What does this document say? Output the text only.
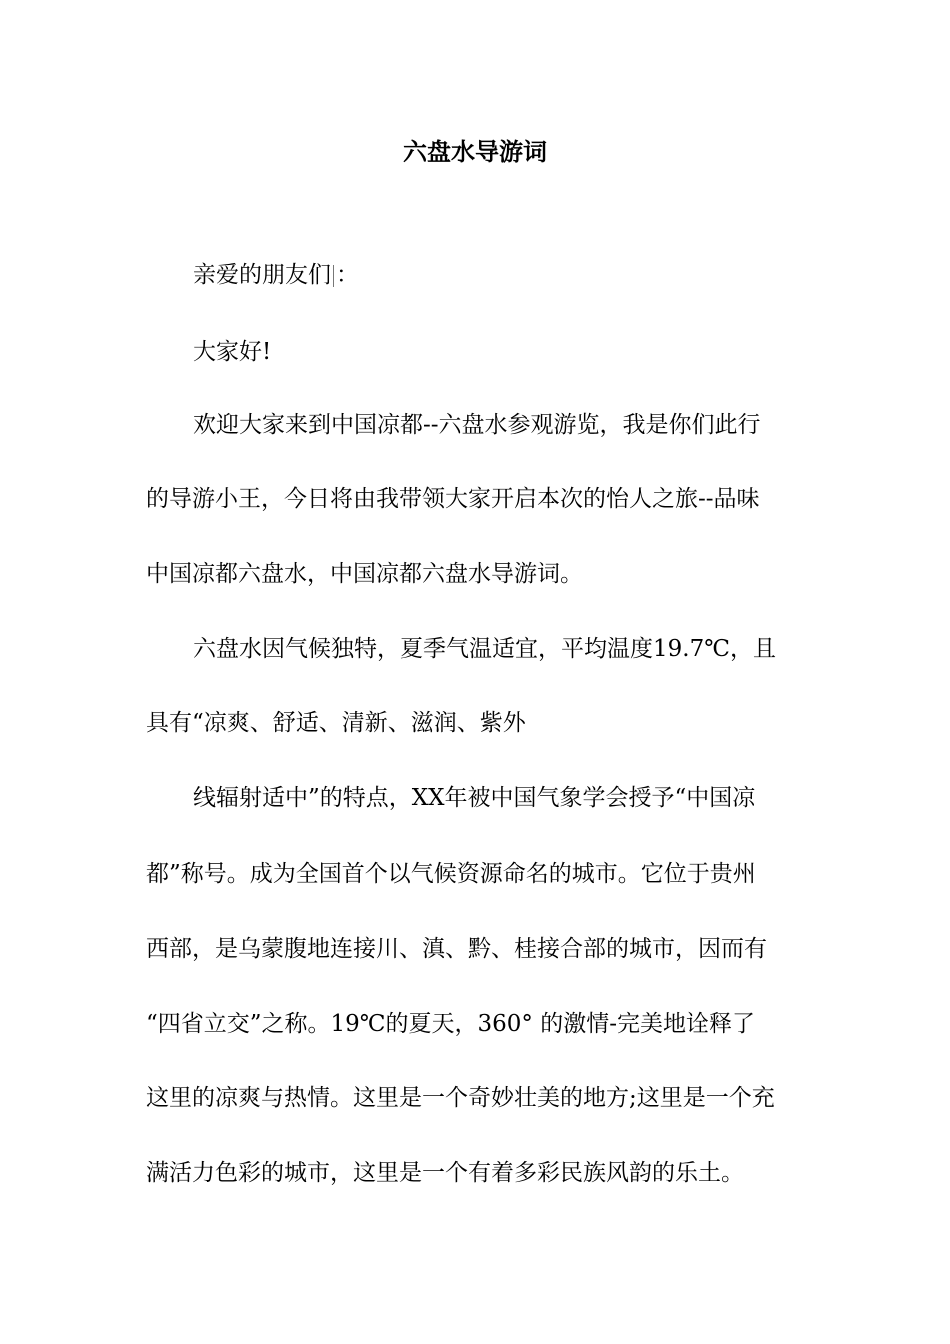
六盘水导游词

亲爱的朋友们 ：

大家好!

欢迎大家来到中国凉都--六盘水参观游览，我是你们此行

的导游小王，今日将由我带领大家开启本次的怡人之旅--品味

中国凉都六盘水，中国凉都六盘水导游词。

六盘水因气候独特，夏季气温适宜，平均温度19.7℃，且

具有“凉爽、舒适、清新、滋润、紫外

线辐射适中”的特点，XX年被中国气象学会授予“中国凉

都”称号。成为全国首个以气候资源命名的城市。它位于贵州

西部，是乌蒙腹地连接川、滇、黔、桂接合部的城市，因而有

“四省立交”之称。19℃的夏天，360° 的激情-完美地诠释了

这里的凉爽与热情。这里是一个奇妙壮美的地方;这里是一个充

满活力色彩的城市，这里是一个有着多彩民族风韵的乐土。
